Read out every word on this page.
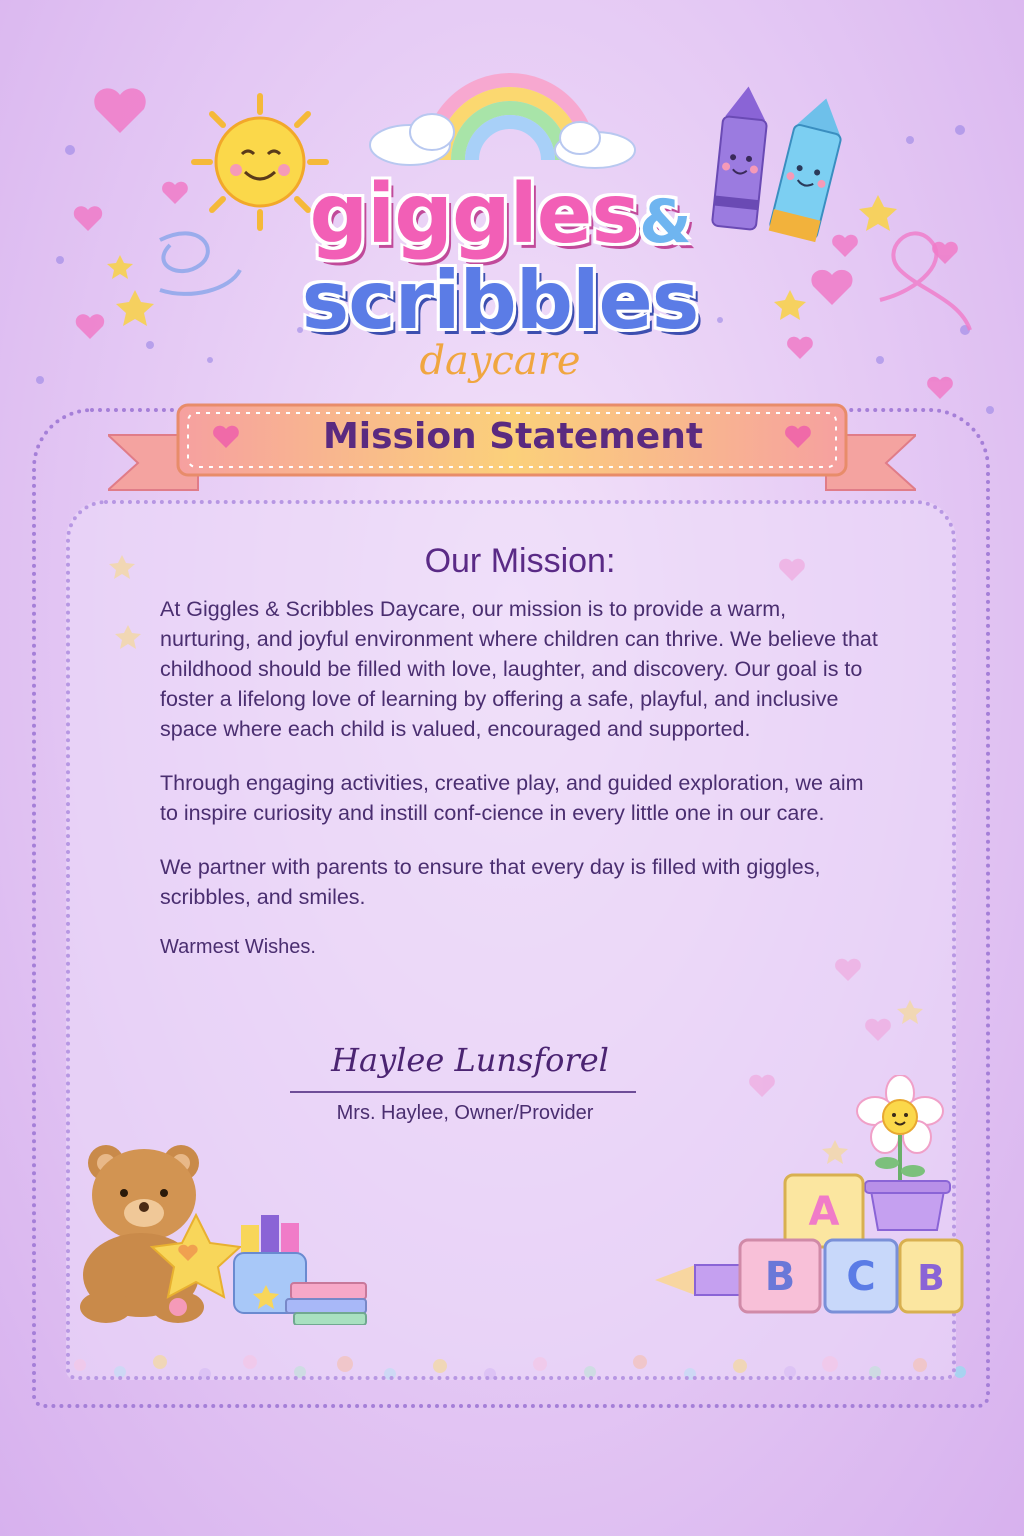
giggles&
scribbles
daycare
Mission Statement
Our Mission:

At Giggles & Scribbles Daycare, our mission is to provide a warm, nurturing, and joyful environment where children can thrive. We believe that childhood should be filled with love, laughter, and discovery. Our goal is to foster a lifelong love of learning by offering a safe, playful, and inclusive space where each child is valued, encouraged and supported.

Through engaging activities, creative play, and guided exploration, we aim to inspire curiosity and instill conf-cience in every little one in our care.

We partner with parents to ensure that every day is filled with giggles, scribbles, and smiles.

Warmest Wishes.

Haylee Lunsforel
Mrs. Haylee, Owner/Provider
A
B C B
